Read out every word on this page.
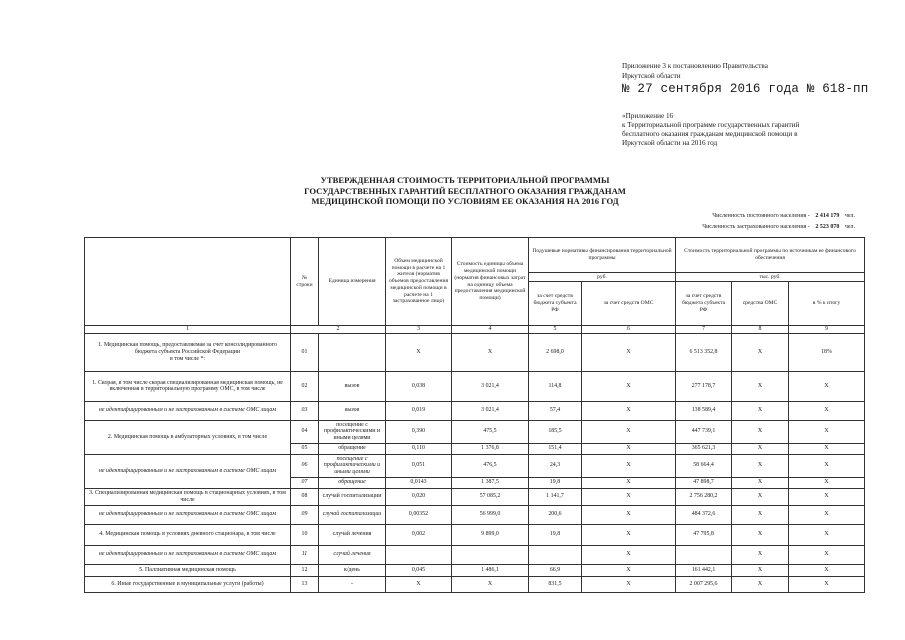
Приложение 3 к постановлению Правительства
Иркутской области
№ 27 сентября 2016 года № 618-пп
«Приложение 16
к Территориальной программе государственных гарантий
бесплатного оказания гражданам медицинской помощи в
Иркутской области на 2016 год
УТВЕРЖДЕННАЯ СТОИМОСТЬ ТЕРРИТОРИАЛЬНОЙ ПРОГРАММЫ
ГОСУДАРСТВЕННЫХ ГАРАНТИЙ БЕСПЛАТНОГО ОКАЗАНИЯ ГРАЖДАНАМ
МЕДИЦИНСКОЙ ПОМОЩИ ПО УСЛОВИЯМ ЕЕ ОКАЗАНИЯ НА 2016 ГОД
Численность постоянного населения - 2 414 179 чел.
Численность застрахованного населения - 2 523 070 чел.
	№ строки	Единица измерения	Объем медицинской помощи в расчете на 1 жителя (норматив объемов предоставления медицинской помощи в расчете на 1 застрахованное лицо)	Стоимость единицы объема медицинской помощи (норматив финансовых затрат на единицу объема предоставления медицинской помощи)	Подушевые нормативы финансирования территориальной программы		Стоимость территориальной программы по источникам ее финансового обеспечения		
					руб.		тыс. руб.		
					за счет средств бюджета субъекта РФ	за счет средств ОМС	за счет средств бюджета субъекта РФ	средства ОМС	в % к итогу
1	2		3	4	5	6	7	8	9

1. Медицинская помощь, предоставляемая за счет консолидированного бюджета субъекта Российской Федерации
в том числе *:	01		X	X	2 698,0	X	6 513 352,8	X	18%
1. Скорая, в том числе скорая специализированная медицинская помощь, не включенная в территориальную программу ОМС, в том числе	02	вызов	0,038	3 021,4	114,8	X	277 178,7	X	X
не идентифицированным и не застрахованным в системе ОМС лицам	03	вызов	0,019	3 021,4	57,4	X	138 589,4	X	X
2. Медицинская помощь в амбулаторных условиях, в том числе	04	посещение с профилактическими и иными целями	0,390	475,5	185,5	X	447 739,1	X	X
	05	обращение	0,110	1 376,8	151,4	X	365 621,3	X	X
не идентифицированным и не застрахованным в системе ОМС лицам	06	посещение с профилактическими и иными целями	0,051	476,5	24,3	X	58 664,4	X	X
	07	обращение	0,0143	1 387,5	19,8	X	47 898,7	X	X
3. Специализированная медицинская помощь в стационарных условиях, в том числе	08	случай госпитализации	0,020	57 085,2	1 141,7	X	2 756 280,2	X	X
не идентифицированным и не застрахованным в системе ОМС лицам	09	случай госпитализации	0,00352	56 999,0	200,6	X	484 372,6	X	X
4. Медицинская помощь в условиях дневного стационара, в том числе	10	случай лечения	0,002	9 899,0	19,8	X	47 795,8	X	X
не идентифицированным и не застрахованным в системе ОМС лицам	11	случай лечения				X		X	X
5. Паллиативная медицинская помощь	12	к/день	0,045	1 486,1	66,9	X	161 442,1	X	X
6. Иные государственные и муниципальные услуги (работы)	13	-	X	X	831,5	X	2 007 295,6	X	X
